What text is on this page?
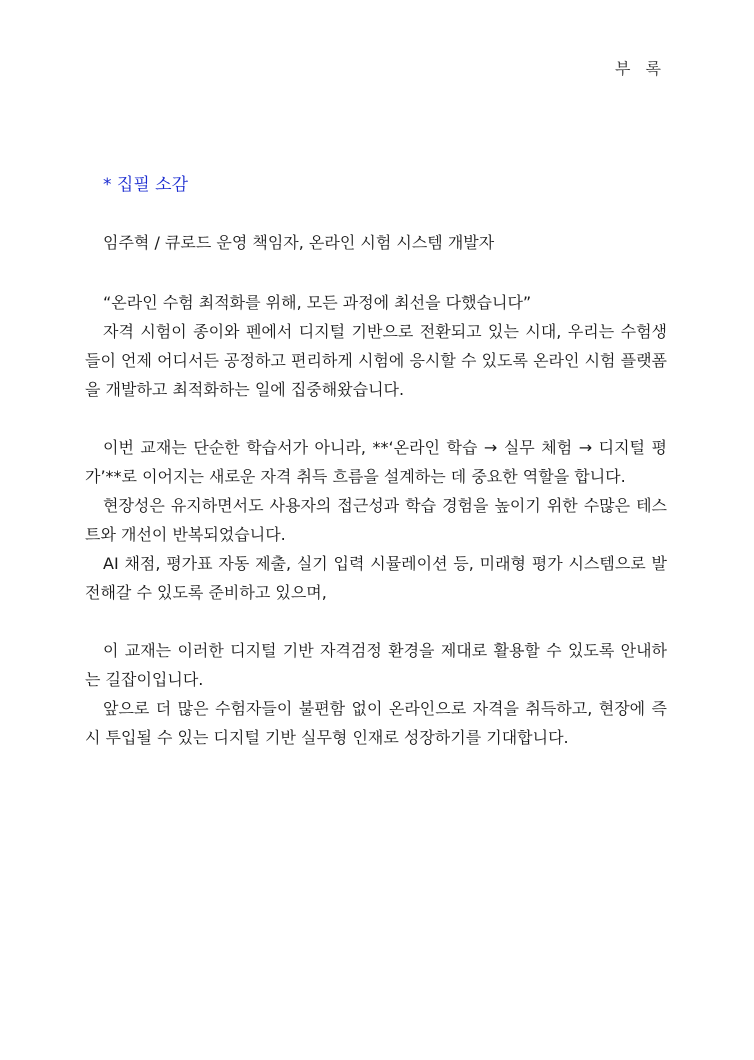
부 록
* 집필 소감
임주혁 / 큐로드 운영 책임자, 온라인 시험 시스템 개발자
“온라인 수험 최적화를 위해, 모든 과정에 최선을 다했습니다”

자격 시험이 종이와 펜에서 디지털 기반으로 전환되고 있는 시대, 우리는 수험생들이 언제 어디서든 공정하고 편리하게 시험에 응시할 수 있도록 온라인 시험 플랫폼을 개발하고 최적화하는 일에 집중해왔습니다.

이번 교재는 단순한 학습서가 아니라, **‘온라인 학습 → 실무 체험 → 디지털 평가’**로 이어지는 새로운 자격 취득 흐름을 설계하는 데 중요한 역할을 합니다.

현장성은 유지하면서도 사용자의 접근성과 학습 경험을 높이기 위한 수많은 테스트와 개선이 반복되었습니다.

AI 채점, 평가표 자동 제출, 실기 입력 시뮬레이션 등, 미래형 평가 시스템으로 발전해갈 수 있도록 준비하고 있으며,

이 교재는 이러한 디지털 기반 자격검정 환경을 제대로 활용할 수 있도록 안내하는 길잡이입니다.

앞으로 더 많은 수험자들이 불편함 없이 온라인으로 자격을 취득하고, 현장에 즉시 투입될 수 있는 디지털 기반 실무형 인재로 성장하기를 기대합니다.
